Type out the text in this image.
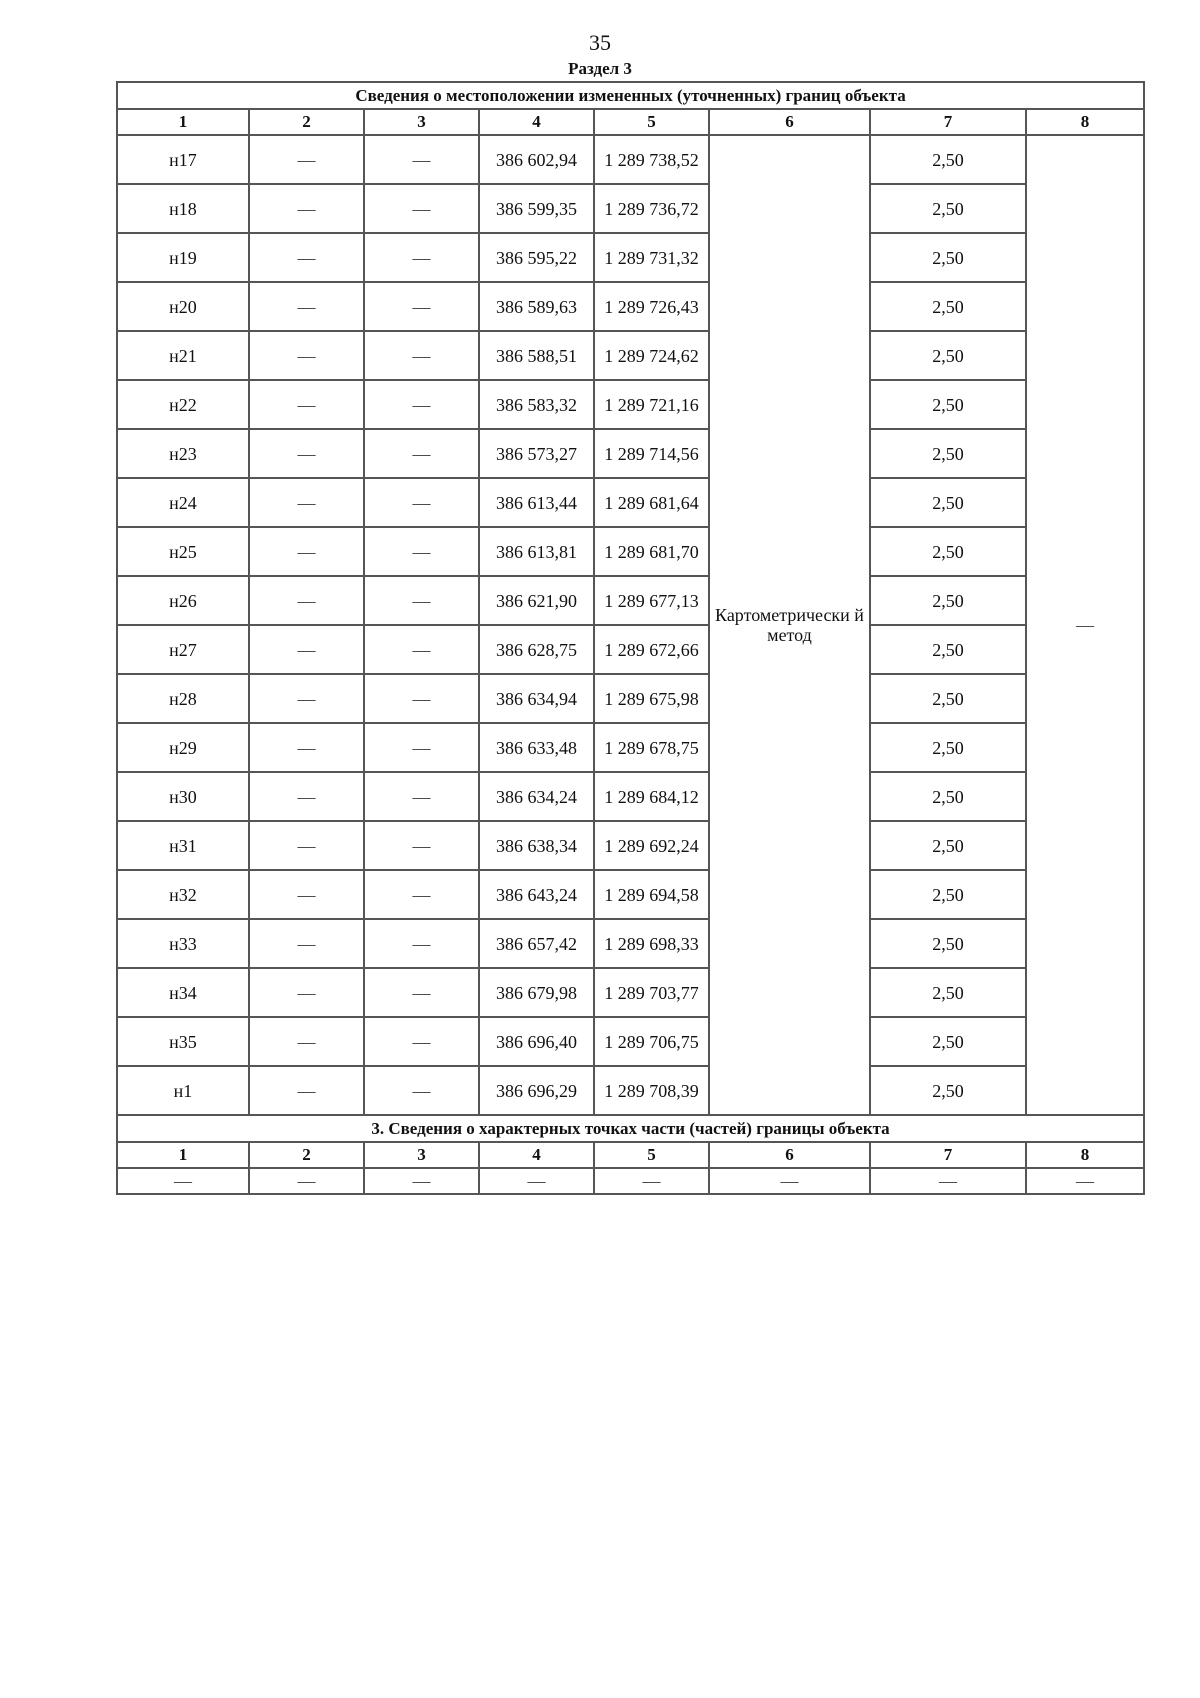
35
Раздел 3
Сведения о местоположении измененных (уточненных) границ объекта							
1	2	3	4	5	6	7	8
н17	—	—	386 602,94	1 289 738,52	Картометрически й метод	2,50	—
н18	—	—	386 599,35	1 289 736,72		2,50	
н19	—	—	386 595,22	1 289 731,32		2,50	
н20	—	—	386 589,63	1 289 726,43		2,50	
н21	—	—	386 588,51	1 289 724,62		2,50	
н22	—	—	386 583,32	1 289 721,16		2,50	
н23	—	—	386 573,27	1 289 714,56		2,50	
н24	—	—	386 613,44	1 289 681,64		2,50	
н25	—	—	386 613,81	1 289 681,70		2,50	
н26	—	—	386 621,90	1 289 677,13		2,50	
н27	—	—	386 628,75	1 289 672,66		2,50	
н28	—	—	386 634,94	1 289 675,98		2,50	
н29	—	—	386 633,48	1 289 678,75		2,50	
н30	—	—	386 634,24	1 289 684,12		2,50	
н31	—	—	386 638,34	1 289 692,24		2,50	
н32	—	—	386 643,24	1 289 694,58		2,50	
н33	—	—	386 657,42	1 289 698,33		2,50	
н34	—	—	386 679,98	1 289 703,77		2,50	
н35	—	—	386 696,40	1 289 706,75		2,50	
н1	—	—	386 696,29	1 289 708,39		2,50	
3. Сведения о характерных точках части (частей) границы объекта							
1	2	3	4	5	6	7	8
—	—	—	—	—	—	—	—
